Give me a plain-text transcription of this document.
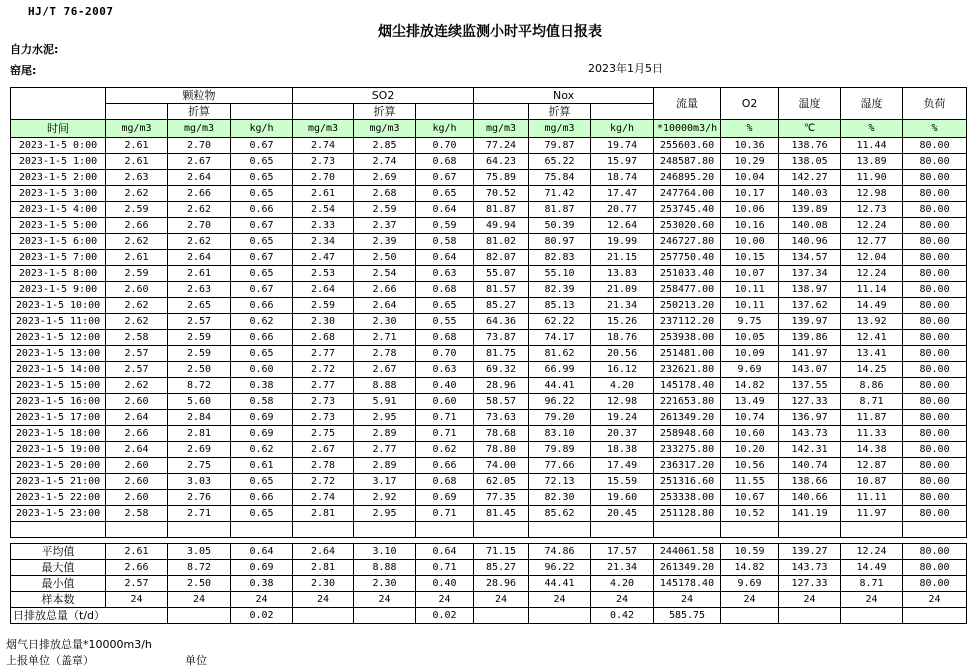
HJ/T 76-2007
烟尘排放连续监测小时平均值日报表
自力水泥:
窑尾:	2023年1月5日
	颗粒物			SO2			Nox			流量	O2	温度	湿度	负荷
		折算			折算			折算						
时间	mg/m3	mg/m3	kg/h	mg/m3	mg/m3	kg/h	mg/m3	mg/m3	kg/h	*10000m3/h	%	℃	%	%
2023-1-5 0:00	2.61	2.70	0.67	2.74	2.85	0.70	77.24	79.87	19.74	255603.60	10.36	138.76	11.44	80.00
2023-1-5 1:00	2.61	2.67	0.65	2.73	2.74	0.68	64.23	65.22	15.97	248587.80	10.29	138.05	13.89	80.00
2023-1-5 2:00	2.63	2.64	0.65	2.70	2.69	0.67	75.89	75.84	18.74	246895.20	10.04	142.27	11.90	80.00
2023-1-5 3:00	2.62	2.66	0.65	2.61	2.68	0.65	70.52	71.42	17.47	247764.00	10.17	140.03	12.98	80.00
2023-1-5 4:00	2.59	2.62	0.66	2.54	2.59	0.64	81.87	81.87	20.77	253745.40	10.06	139.89	12.73	80.00
2023-1-5 5:00	2.66	2.70	0.67	2.33	2.37	0.59	49.94	50.39	12.64	253020.60	10.16	140.08	12.24	80.00
2023-1-5 6:00	2.62	2.62	0.65	2.34	2.39	0.58	81.02	80.97	19.99	246727.80	10.00	140.96	12.77	80.00
2023-1-5 7:00	2.61	2.64	0.67	2.47	2.50	0.64	82.07	82.83	21.15	257750.40	10.15	134.57	12.04	80.00
2023-1-5 8:00	2.59	2.61	0.65	2.53	2.54	0.63	55.07	55.10	13.83	251033.40	10.07	137.34	12.24	80.00
2023-1-5 9:00	2.60	2.63	0.67	2.64	2.66	0.68	81.57	82.39	21.09	258477.00	10.11	138.97	11.14	80.00
2023-1-5 10:00	2.62	2.65	0.66	2.59	2.64	0.65	85.27	85.13	21.34	250213.20	10.11	137.62	14.49	80.00
2023-1-5 11:00	2.62	2.57	0.62	2.30	2.30	0.55	64.36	62.22	15.26	237112.20	9.75	139.97	13.92	80.00
2023-1-5 12:00	2.58	2.59	0.66	2.68	2.71	0.68	73.87	74.17	18.76	253938.00	10.05	139.86	12.41	80.00
2023-1-5 13:00	2.57	2.59	0.65	2.77	2.78	0.70	81.75	81.62	20.56	251481.00	10.09	141.97	13.41	80.00
2023-1-5 14:00	2.57	2.50	0.60	2.72	2.67	0.63	69.32	66.99	16.12	232621.80	9.69	143.07	14.25	80.00
2023-1-5 15:00	2.62	8.72	0.38	2.77	8.88	0.40	28.96	44.41	4.20	145178.40	14.82	137.55	8.86	80.00
2023-1-5 16:00	2.60	5.60	0.58	2.73	5.91	0.60	58.57	96.22	12.98	221653.80	13.49	127.33	8.71	80.00
2023-1-5 17:00	2.64	2.84	0.69	2.73	2.95	0.71	73.63	79.20	19.24	261349.20	10.74	136.97	11.87	80.00
2023-1-5 18:00	2.66	2.81	0.69	2.75	2.89	0.71	78.68	83.10	20.37	258948.60	10.60	143.73	11.33	80.00
2023-1-5 19:00	2.64	2.69	0.62	2.67	2.77	0.62	78.80	79.89	18.38	233275.80	10.20	142.31	14.38	80.00
2023-1-5 20:00	2.60	2.75	0.61	2.78	2.89	0.66	74.00	77.66	17.49	236317.20	10.56	140.74	12.87	80.00
2023-1-5 21:00	2.60	3.03	0.65	2.72	3.17	0.68	62.05	72.13	15.59	251316.60	11.55	138.66	10.87	80.00
2023-1-5 22:00	2.60	2.76	0.66	2.74	2.92	0.69	77.35	82.30	19.60	253338.00	10.67	140.66	11.11	80.00
2023-1-5 23:00	2.58	2.71	0.65	2.81	2.95	0.71	81.45	85.62	20.45	251128.80	10.52	141.19	11.97	80.00

平均值	2.61	3.05	0.64	2.64	3.10	0.64	71.15	74.86	17.57	244061.58	10.59	139.27	12.24	80.00
最大值	2.66	8.72	0.69	2.81	8.88	0.71	85.27	96.22	21.34	261349.20	14.82	143.73	14.49	80.00
最小值	2.57	2.50	0.38	2.30	2.30	0.40	28.96	44.41	4.20	145178.40	9.69	127.33	8.71	80.00
样本数	24	24	24	24	24	24	24	24	24	24	24	24	24	24
日排放总量（t/d）			0.02			0.02			0.42	585.75				
烟气日排放总量*10000m3/h
上报单位（盖章）	单位
